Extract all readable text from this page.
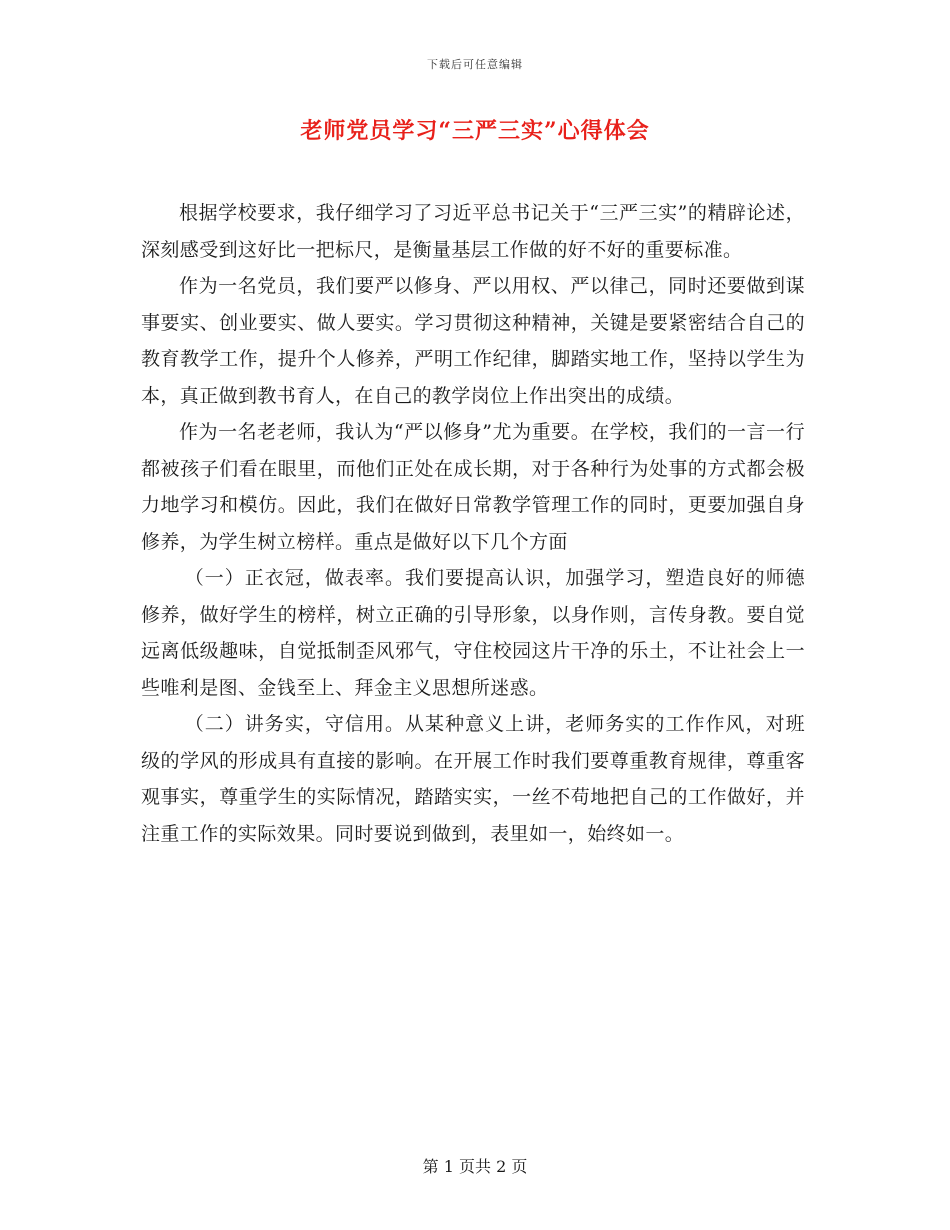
下载后可任意编辑
老师党员学习“三严三实”心得体会

根据学校要求，我仔细学习了习近平总书记关于“三严三实”的精辟论述，深刻感受到这好比一把标尺，是衡量基层工作做的好不好的重要标准。

作为一名党员，我们要严以修身、严以用权、严以律己，同时还要做到谋事要实、创业要实、做人要实。学习贯彻这种精神，关键是要紧密结合自己的教育教学工作，提升个人修养，严明工作纪律，脚踏实地工作，坚持以学生为本，真正做到教书育人，在自己的教学岗位上作出突出的成绩。

作为一名老老师，我认为“严以修身”尤为重要。在学校，我们的一言一行都被孩子们看在眼里，而他们正处在成长期，对于各种行为处事的方式都会极力地学习和模仿。因此，我们在做好日常教学管理工作的同时，更要加强自身修养，为学生树立榜样。重点是做好以下几个方面

（一）正衣冠，做表率。我们要提高认识，加强学习，塑造良好的师德修养，做好学生的榜样，树立正确的引导形象，以身作则，言传身教。要自觉远离低级趣味，自觉抵制歪风邪气，守住校园这片干净的乐土，不让社会上一些唯利是图、金钱至上、拜金主义思想所迷惑。

（二）讲务实，守信用。从某种意义上讲，老师务实的工作作风，对班级的学风的形成具有直接的影响。在开展工作时我们要尊重教育规律，尊重客观事实，尊重学生的实际情况，踏踏实实，一丝不苟地把自己的工作做好，并注重工作的实际效果。同时要说到做到，表里如一，始终如一。

第 1 页共 2 页
